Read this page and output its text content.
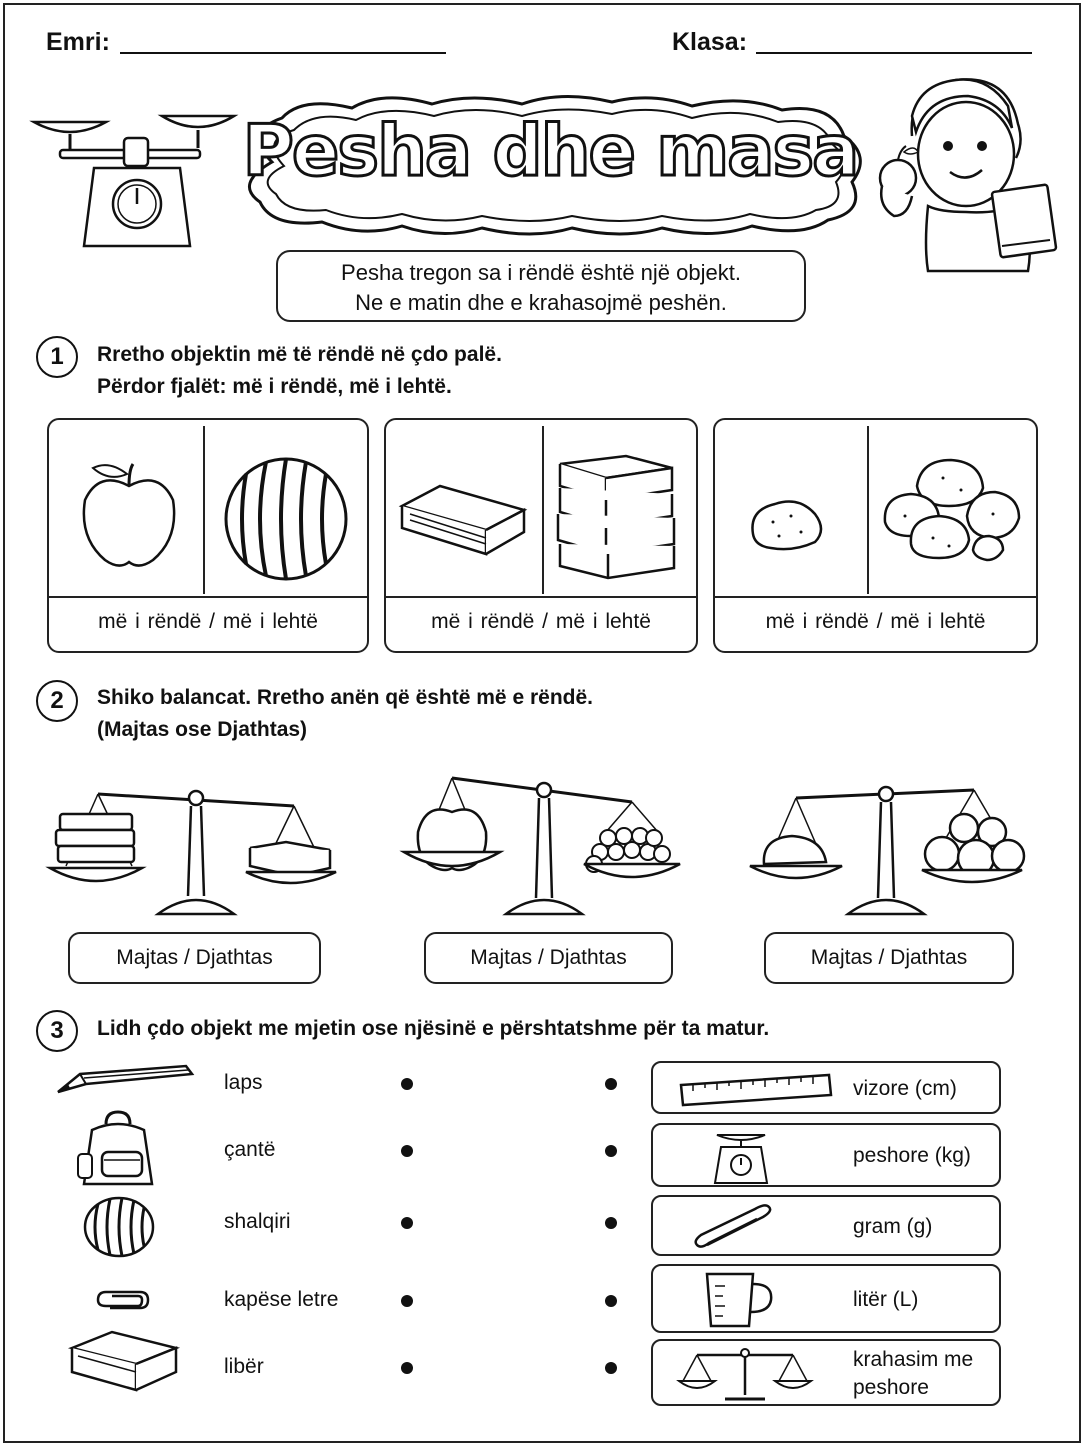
Emri:	Klasa:
Pesha dhe masa
Pesha tregon sa i rëndë është një objekt.
Ne e matin dhe e krahasojmë peshën.
1	Rretho objektin më të rëndë në çdo palë.
Përdor fjalët: më i rëndë, më i lehtë.
më i rëndë / më i lehtë	më i rëndë / më i lehtë	më i rëndë / më i lehtë
2	Shiko balancat. Rretho anën që është më e rëndë.
(Majtas ose Djathtas)
Majtas / Djathtas	Majtas / Djathtas	Majtas / Djathtas
3	Lidh çdo objekt me mjetin ose njësinë e përshtatshme për ta matur.
laps
çantë
shalqiri
kapëse letre
libër
vizore (cm)
peshore (kg)
gram (g)
litër (L)
krahasim me
peshore
